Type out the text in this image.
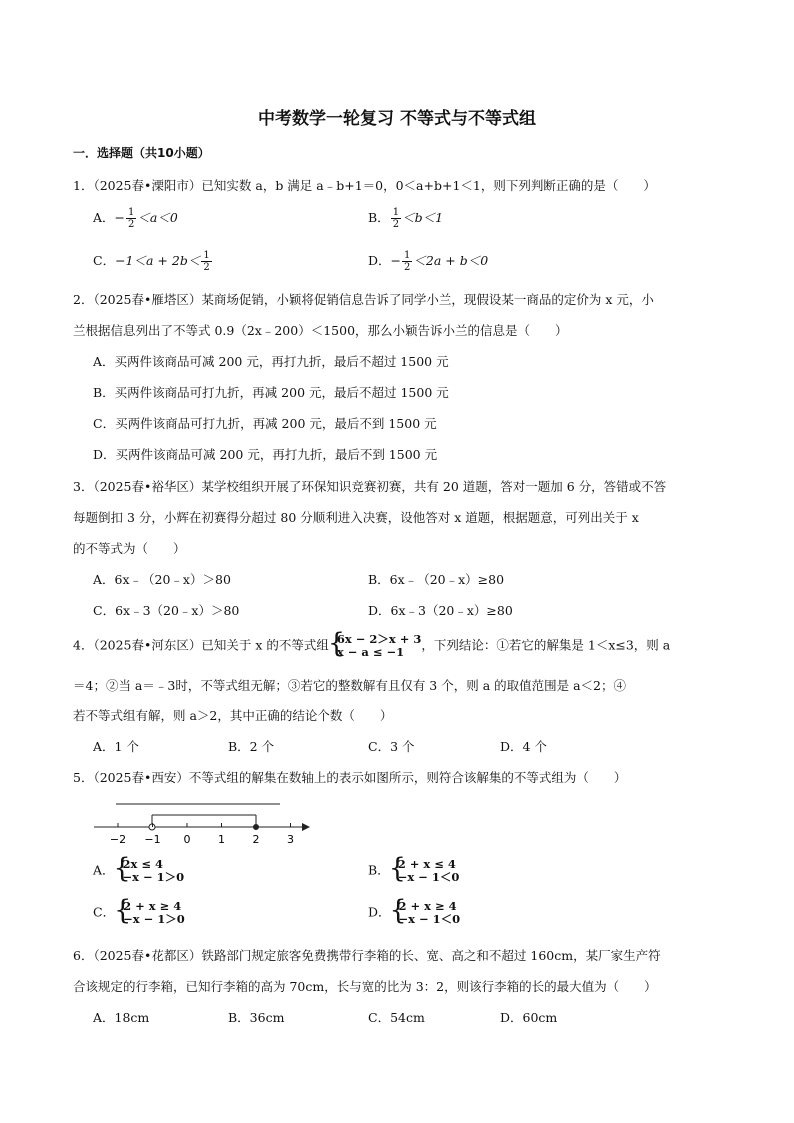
中考数学一轮复习 不等式与不等式组
一．选择题（共10小题）
1．（2025春•溧阳市）已知实数 a，b 满足 a﹣b+1＝0，0＜a+b+1＜1，则下列判断正确的是（　　）
A．− $\frac{1}{2} <a<0$	B． $\frac{1}{2} <b<1$
C．$-1<a + 2b< \frac{1}{2}$	D．− $\frac{1}{2} <2a + b<0$
2．（2025春•雁塔区）某商场促销，小颖将促销信息告诉了同学小兰，现假设某一商品的定价为 x 元，小
兰根据信息列出了不等式 0.9（2x﹣200）＜1500，那么小颖告诉小兰的信息是（　　）
A．买两件该商品可减 200 元，再打九折，最后不超过 1500 元
B．买两件该商品可打九折，再减 200 元，最后不超过 1500 元
C．买两件该商品可打九折，再减 200 元，最后不到 1500 元
D．买两件该商品可减 200 元，再打九折，最后不到 1500 元
3．（2025春•裕华区）某学校组织开展了环保知识竞赛初赛，共有 20 道题，答对一题加 6 分，答错或不答
每题倒扣 3 分，小辉在初赛得分超过 80 分顺利进入决赛，设他答对 x 道题，根据题意，可列出关于 x
的不等式为（　　）
A．6x﹣（20﹣x）＞80	B．6x﹣（20﹣x）≥80
C．6x﹣3（20﹣x）＞80	D．6x﹣3（20﹣x）≥80
4．（2025春•河东区）已知关于 x 的不等式组 { 6x − 2＞x + 3
x − a ≤ −1	，下列结论：①若它的解集是 1＜x≤3，则 a
＝4；②当 a＝﹣3时，不等式组无解；③若它的整数解有且仅有 3 个，则 a 的取值范围是 a＜2；④
若不等式组有解，则 a＞2，其中正确的结论个数（　　）
A．1 个	B．2 个	C．3 个	D．4 个
5．（2025春•西安）不等式组的解集在数轴上的表示如图所示，则符合该解集的不等式组为（　　）
−2 −1 0	1	2	3
A． { 2x ≤ 4
−x − 1＞0	B． { 2 + x ≤ 4
−x − 1＜0
C． { 2 + x ≥ 4
−x − 1＞0	D． { 2 + x ≥ 4
−x − 1＜0
6．（2025春•花都区）铁路部门规定旅客免费携带行李箱的长、宽、高之和不超过 160cm，某厂家生产符
合该规定的行李箱，已知行李箱的高为 70cm，长与宽的比为 3：2，则该行李箱的长的最大值为（　　）
A．18cm	B．36cm	C．54cm	D．60cm
